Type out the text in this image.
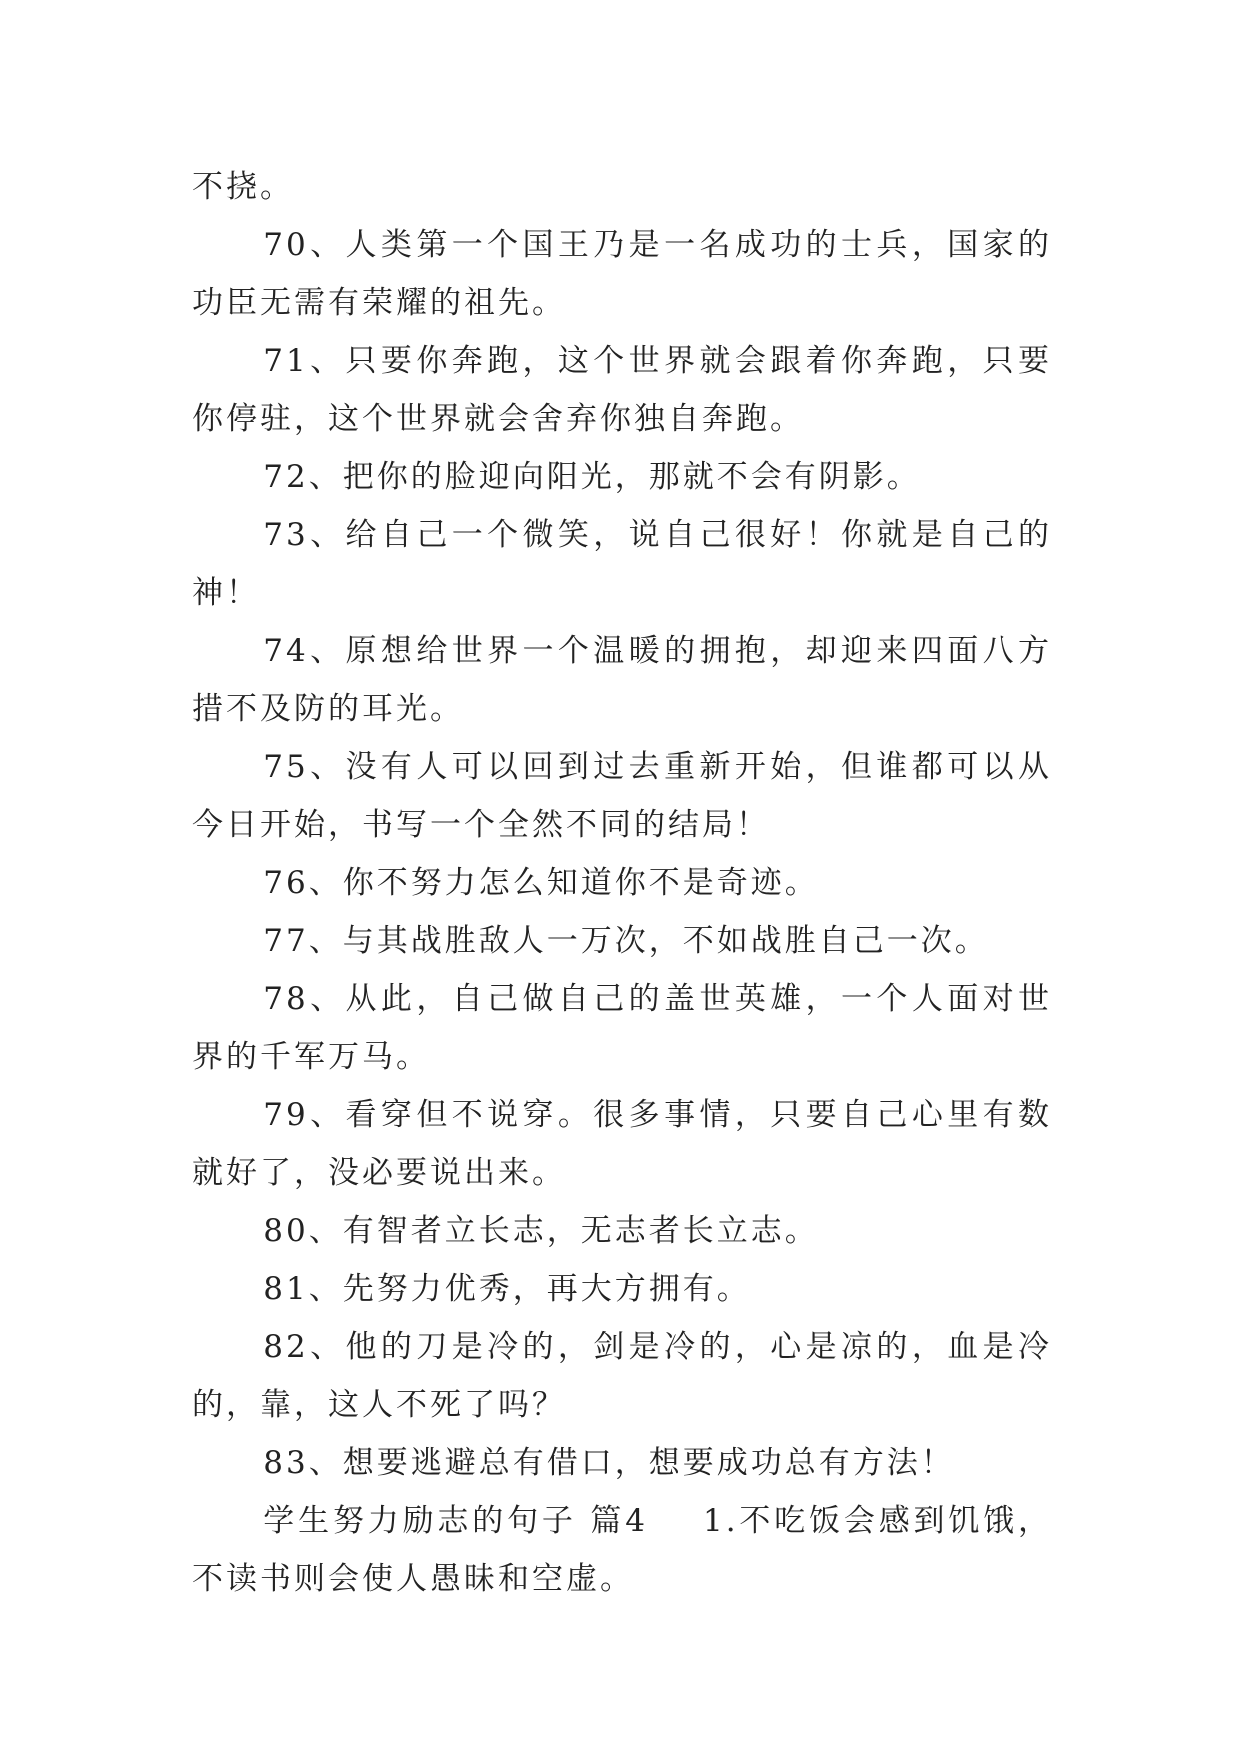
不挠。

70、人类第一个国王乃是一名成功的士兵，国家的功臣无需有荣耀的祖先。

71、只要你奔跑，这个世界就会跟着你奔跑，只要你停驻，这个世界就会舍弃你独自奔跑。

72、把你的脸迎向阳光，那就不会有阴影。

73、给自己一个微笑，说自己很好！你就是自己的神！

74、原想给世界一个温暖的拥抱，却迎来四面八方措不及防的耳光。

75、没有人可以回到过去重新开始，但谁都可以从今日开始，书写一个全然不同的结局！

76、你不努力怎么知道你不是奇迹。

77、与其战胜敌人一万次，不如战胜自己一次。

78、从此，自己做自己的盖世英雄，一个人面对世界的千军万马。

79、看穿但不说穿。很多事情，只要自己心里有数就好了，没必要说出来。

80、有智者立长志，无志者长立志。

81、先努力优秀，再大方拥有。

82、他的刀是冷的，剑是冷的，心是凉的，血是冷的，靠，这人不死了吗？

83、想要逃避总有借口，想要成功总有方法！

学生努力励志的句子 篇4 1.不吃饭会感到饥饿，不读书则会使人愚昧和空虚。
